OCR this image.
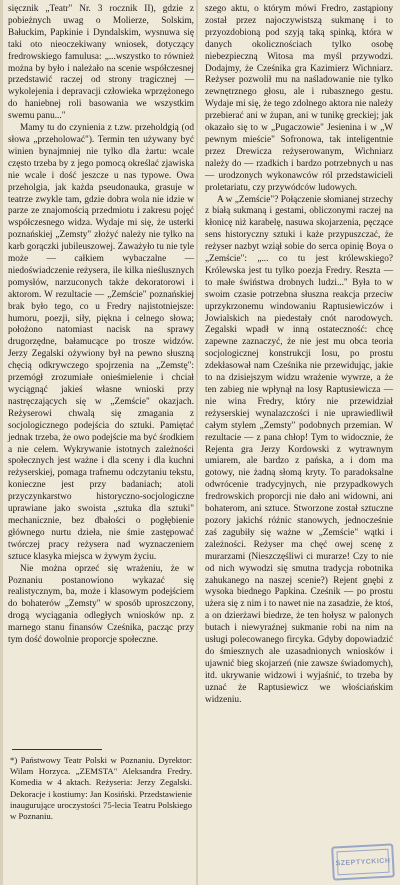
sięcznik „Teatr" Nr. 3 rocznik II), gdzie z pobieżnych uwag o Molierze, Solskim, Bałuckim, Papkinie i Dyndalskim, wysnuwa się taki oto nieoczekiwany wniosek, dotyczący fredrowskiego famulusa: „...wszystko to również można by było i należało na scenie współczesnej przedstawić raczej od strony tragicznej — wykolejenia i depravacji człowieka wprzężonego do haniebnej roli basowania we wszystkim swemu panu..."

Mamy tu do czynienia z t.zw. przeholdgią (od słowa „przeholować"). Termin ten używany być winien bynajmniej nie tylko dla żartu: wcale często trzeba by z jego pomocą określać zjawiska nie wcale i dość jeszcze u nas typowe. Owa przeholgia, jak każda pseudonauka, grasuje w teatrze zwykle tam, gdzie dobra wola nie idzie w parze ze znajomością przedmiotu i zakresu pojęć współczesnego widza. Wydaje mi się, że usterki poznańskiej „Zemsty" złożyć należy nie tylko na karb gorączki jubileuszowej. Zaważyło tu nie tyle może — całkiem wybaczalne — niedoświadczenie reżysera, ile kilka nieślusznych pomysłów, narzuconych także dekoratorowi i aktorom. W rezultacie — „Zemście" poznańskiej brak było tego, co u Fredry najistotniejsze: humoru, poezji, siły, piękna i celnego słowa; położono natomiast nacisk na sprawy drugorzędne, bałamucące po trosze widzów. Jerzy Zegalski ożywiony był na pewno słuszną chęcią odkrywczego spojrzenia na „Zemstę": przemógł zrozumiałe onieśmielenie i chciał wyciągnąć jakieś własne wnioski przy nastręczających się w „Zemście" okazjach. Reżyserowi chwalą się zmagania z socjologicznego podejścia do sztuki. Pamiętać jednak trzeba, że owo podejście ma być środkiem a nie celem. Wykrywanie istotnych zależności społecznych jest ważne i dla sceny i dla kuchni reżyserskiej, pomaga trafnemu odczytaniu tekstu, konieczne jest przy badaniach; atoli przyczynkarstwo historyczno-socjologiczne uprawiane jako swoista „sztuka dla sztuki" mechanicznie, bez dbałości o pogłębienie głównego nurtu dzieła, nie śmie zastępować twórczej pracy reżysera nad wyznaczeniem sztuce klasyka miejsca w żywym życiu.

Nie można oprzeć się wrażeniu, że w Poznaniu postanowiono wykazać się realistycznym, ba, może i klasowym podejściem do bohaterów „Zemsty" w sposób uproszczony, drogą wyciągania odległych wniosków np. z marnego stanu finansów Cześnika, pacząc przy tym dość dowolnie proporcje społeczne.

szego aktu, o którym mówi Fredro, zastąpiony został przez najoczywistszą sukmanę i to przyozdobioną pod szyją taką spinką, która w danych okolicznościach tylko osobę niebezpieczną Witosa ma myśl przywodzi. Dodajmy, że Cześnika gra Kazimierz Wichniarz. Reżyser pozwolił mu na naśladowanie nie tylko zewnętrznego głosu, ale i rubasznego gestu. Wydaje mi się, że tego zdolnego aktora nie należy przebierać ani w żupan, ani w tunikę greckiej; jak okazało się to w „Pugaczowie" Jesienina i w „W pewnym mieście" Sofronowa, tak inteligentnie przez Drewicza reżyserowanym, Wichniarz należy do — rzadkich i bardzo potrzebnych u nas — urodzonych wykonawców ról przedstawicieli proletariatu, czy przywódców ludowych.

A w „Zemście"? Połączenie słomianej strzechy z białą sukmaną i gestami, obliczonymi raczej na kłonicę niż karabelę, nasuwa skojarzenia, pęczące sens historyczny sztuki i każe przypuszczać, że reżyser nazbyt wziął sobie do serca opinię Boya o „Zemście": „... co tu jest królewskiego? Królewska jest tu tylko poezja Fredry. Reszta — to małe świństwa drobnych ludzi..." Była to w swoim czasie potrzebna słuszna reakcja przeciw uprzykrzonemu windowaniu Raptusiewiczów i Jowialskich na piedestały cnót narodowych. Zegalski wpadł w inną ostateczność: chcę zapewne zaznaczyć, że nie jest mu obca teoria socjologicznej konstrukcji Iosu, po prostu zdekłasował nam Cześnika nie przewidując, jakie to na dzisiejszym widzu wrażenie wywrze, a że ten zabieg nie wpłynął na losy Raptusiewicza — nie wina Fredry, który nie przewidział reżyserskiej wynalazczości i nie uprawiedliwił całym stylem „Zemsty" podobnych przemian. W rezultacie — z pana chłop! Tym to widocznie, że Rejenta gra Jerzy Kordowski z wytrawnym umiarem, ale bardzo z pańska, a i dom ma gotowy, nie żadną słomą kryty. To paradoksalne odwrócenie tradycyjnych, nie przypadkowych fredrowskich proporcji nie dało ani widowni, ani bohaterom, ani sztuce. Stworzone został sztuczne pozory jakichś różnic stanowych, jednocześnie zaś zagubiły się ważne w „Zemście" wątki i zależności. Reżyser ma chęć owej scenę z murarzami (Nieszczęśliwi ci murarze! Czy to nie od nich wywodzi się smutna tradycja robotnika zahukanego na naszej scenie?) Rejent gnębi z wysoka biednego Papkina. Cześnik — po prostu użera się z nim i to nawet nie na zasadzie, że ktoś, a on dzierżawi biedrze, że ten hołysz w palonych butach i niewyraźnej sukmanie robi na nim na usługi polecowanego fircyka. Gdyby dopowiadzić do śmiesznych ale uzasadnionych wniosków i ujawnić bieg skojarzeń (nie zawsze świadomych), itd. ukrywanie widzowi i wyjaśnić, to trzeba by uznać że Raptusiewicz we włościańskim widzeniu.

*) Państwowy Teatr Polski w Poznaniu. Dyrektor: Wilam Horzyca. „ZEMSTA" Aleksandra Fredry. Komedia w 4 aktach. Reżyseria: Jerzy Zegalski. Dekoracje i kostiumy: Jan Kosiński. Przedstawienie inaugurujące uroczystości 75-lecia Teatru Polskiego w Poznaniu.

SZEPTYCKICH
